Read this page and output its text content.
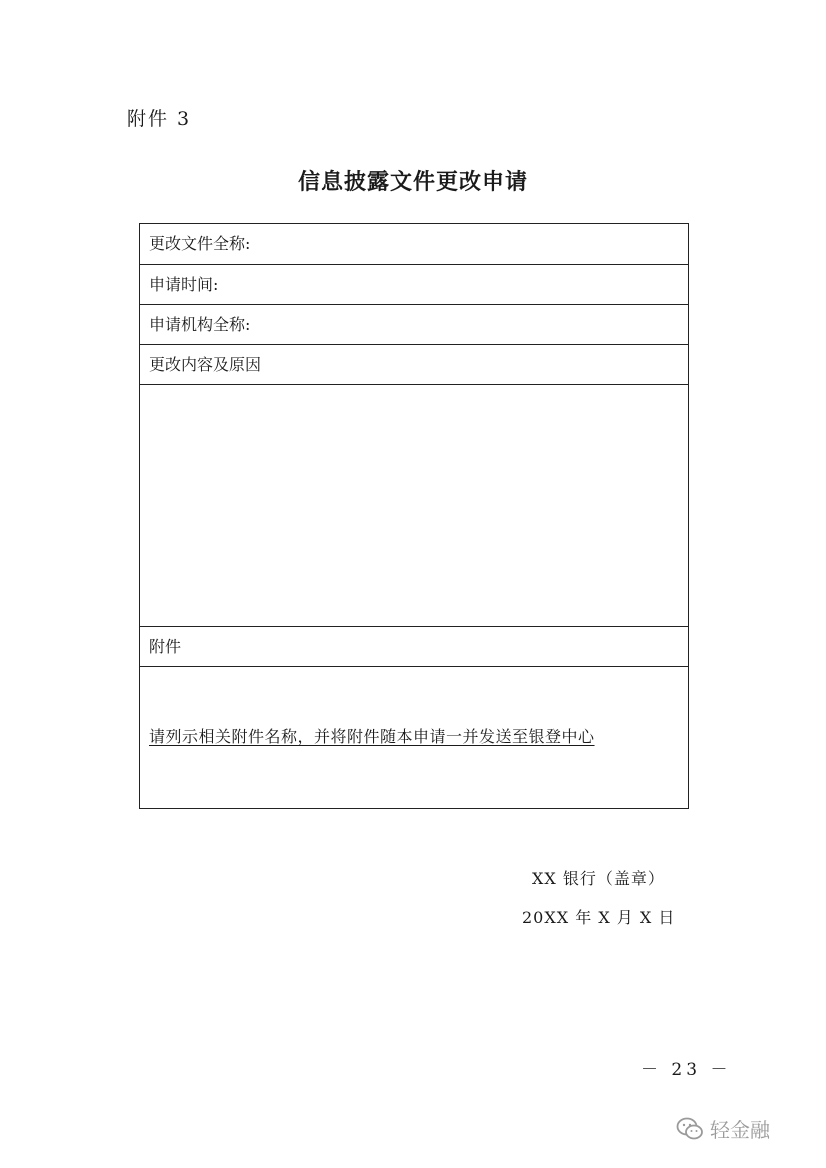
附件 3
信息披露文件更改申请
更改文件全称:
申请时间:
申请机构全称:
更改内容及原因
附件
请列示相关附件名称，并将附件随本申请一并发送至银登中心
XX 银行（盖章）
20XX 年 X 月 X 日
－ 23 －
轻金融
